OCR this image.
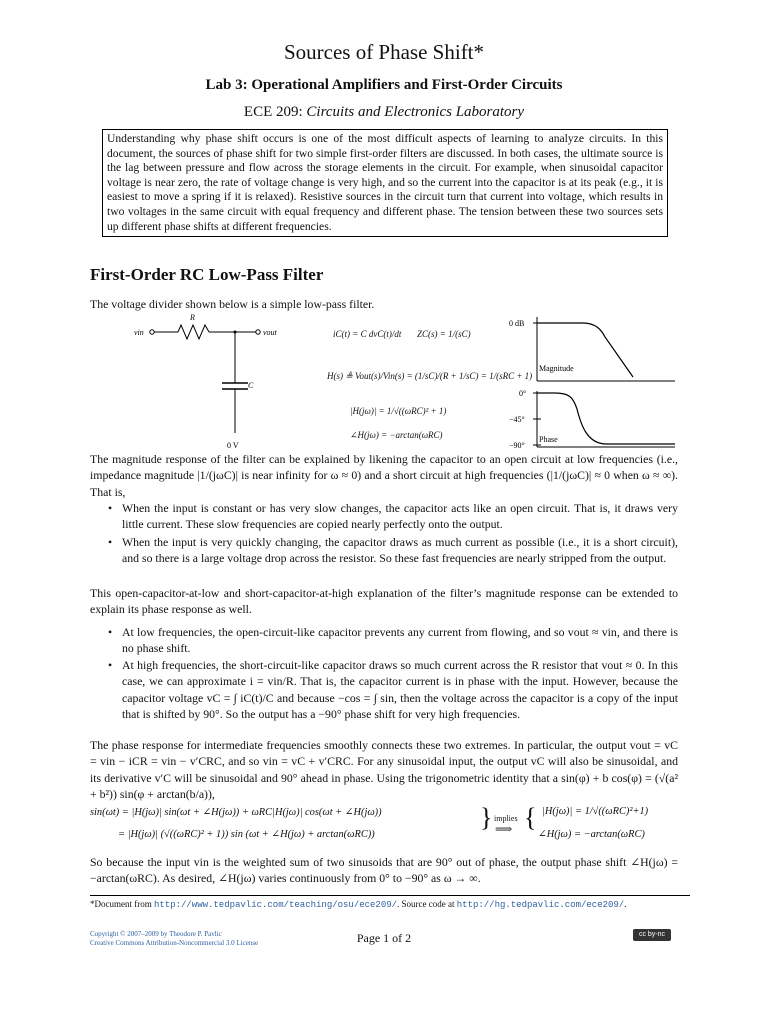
Sources of Phase Shift*
Lab 3: Operational Amplifiers and First-Order Circuits
ECE 209: Circuits and Electronics Laboratory
Understanding why phase shift occurs is one of the most difficult aspects of learning to analyze circuits. In this document, the sources of phase shift for two simple first-order filters are discussed. In both cases, the ultimate source is the lag between pressure and flow across the storage elements in the circuit. For example, when sinusoidal capacitor voltage is near zero, the rate of voltage change is very high, and so the current into the capacitor is at its peak (e.g., it is easiest to move a spring if it is relaxed). Resistive sources in the circuit turn that current into voltage, which results in two voltages in the same circuit with equal frequency and different phase. The tension between these two sources sets up different phase shifts at different frequencies.
First-Order RC Low-Pass Filter
The voltage divider shown below is a simple low-pass filter.
vin	vout
R
C
0 V
iC(t) = C dvC(t)/dt ZC(s) = 1/(sC)
H(s) ≜ Vout(s)/Vin(s) = (1/sC)/(R + 1/sC) = 1/(sRC + 1)
|H(jω)| = 1/√((ωRC)² + 1)
∠H(jω) = −arctan(ωRC)
0 dB
Magnitude
0°
−45°
−90°
Phase
The magnitude response of the filter can be explained by likening the capacitor to an open circuit at low frequencies (i.e., impedance magnitude |1/(jωC)| is near infinity for ω ≈ 0) and a short circuit at high frequencies (|1/(jωC)| ≈ 0 when ω ≈ ∞). That is,
• When the input is constant or has very slow changes, the capacitor acts like an open circuit. That is, it draws very little current. These slow frequencies are copied nearly perfectly onto the output.
• When the input is very quickly changing, the capacitor draws as much current as possible (i.e., it is a short circuit), and so there is a large voltage drop across the resistor. So these fast frequencies are nearly stripped from the output.
This open-capacitor-at-low and short-capacitor-at-high explanation of the filter’s magnitude response can be extended to explain its phase response as well.
• At low frequencies, the open-circuit-like capacitor prevents any current from flowing, and so vout ≈ vin, and there is no phase shift.
• At high frequencies, the short-circuit-like capacitor draws so much current across the R resistor that vout ≈ 0. In this case, we can approximate i = vin/R. That is, the capacitor current is in phase with the input. However, because the capacitor voltage vC = ∫ iC(t)/C and because −cos = ∫ sin, then the voltage across the capacitor is a copy of the input that is shifted by 90°. So the output has a −90° phase shift for very high frequencies.
The phase response for intermediate frequencies smoothly connects these two extremes. In particular, the output vout = vC = vin − iCR = vin − v′CRC, and so vin = vC + v′CRC. For any sinusoidal input, the output vC will also be sinusoidal, and its derivative v′C will be sinusoidal and 90° ahead in phase. Using the trigonometric identity that a sin(φ) + b cos(φ) = (√(a² + b²)) sin(φ + arctan(b/a)),
sin(ωt) = |H(jω)| sin(ωt + ∠H(jω)) + ωRC|H(jω)| cos(ωt + ∠H(jω))
= |H(jω)| (√((ωRC)² + 1)) sin (ωt + ∠H(jω) + arctan(ωRC))
} implies
⟹ { |H(jω)| = 1/√((ωRC)²+1)
∠H(jω) = −arctan(ωRC)
So because the input vin is the weighted sum of two sinusoids that are 90° out of phase, the output phase shift ∠H(jω) = −arctan(ωRC). As desired, ∠H(jω) varies continuously from 0° to −90° as ω → ∞.
*Document from http://www.tedpavlic.com/teaching/osu/ece209/. Source code at http://hg.tedpavlic.com/ece209/.
Copyright © 2007–2009 by Theodore P. Pavlic
Creative Commons Attribution-Noncommercial 3.0 License	Page 1 of 2	cc by-nc
